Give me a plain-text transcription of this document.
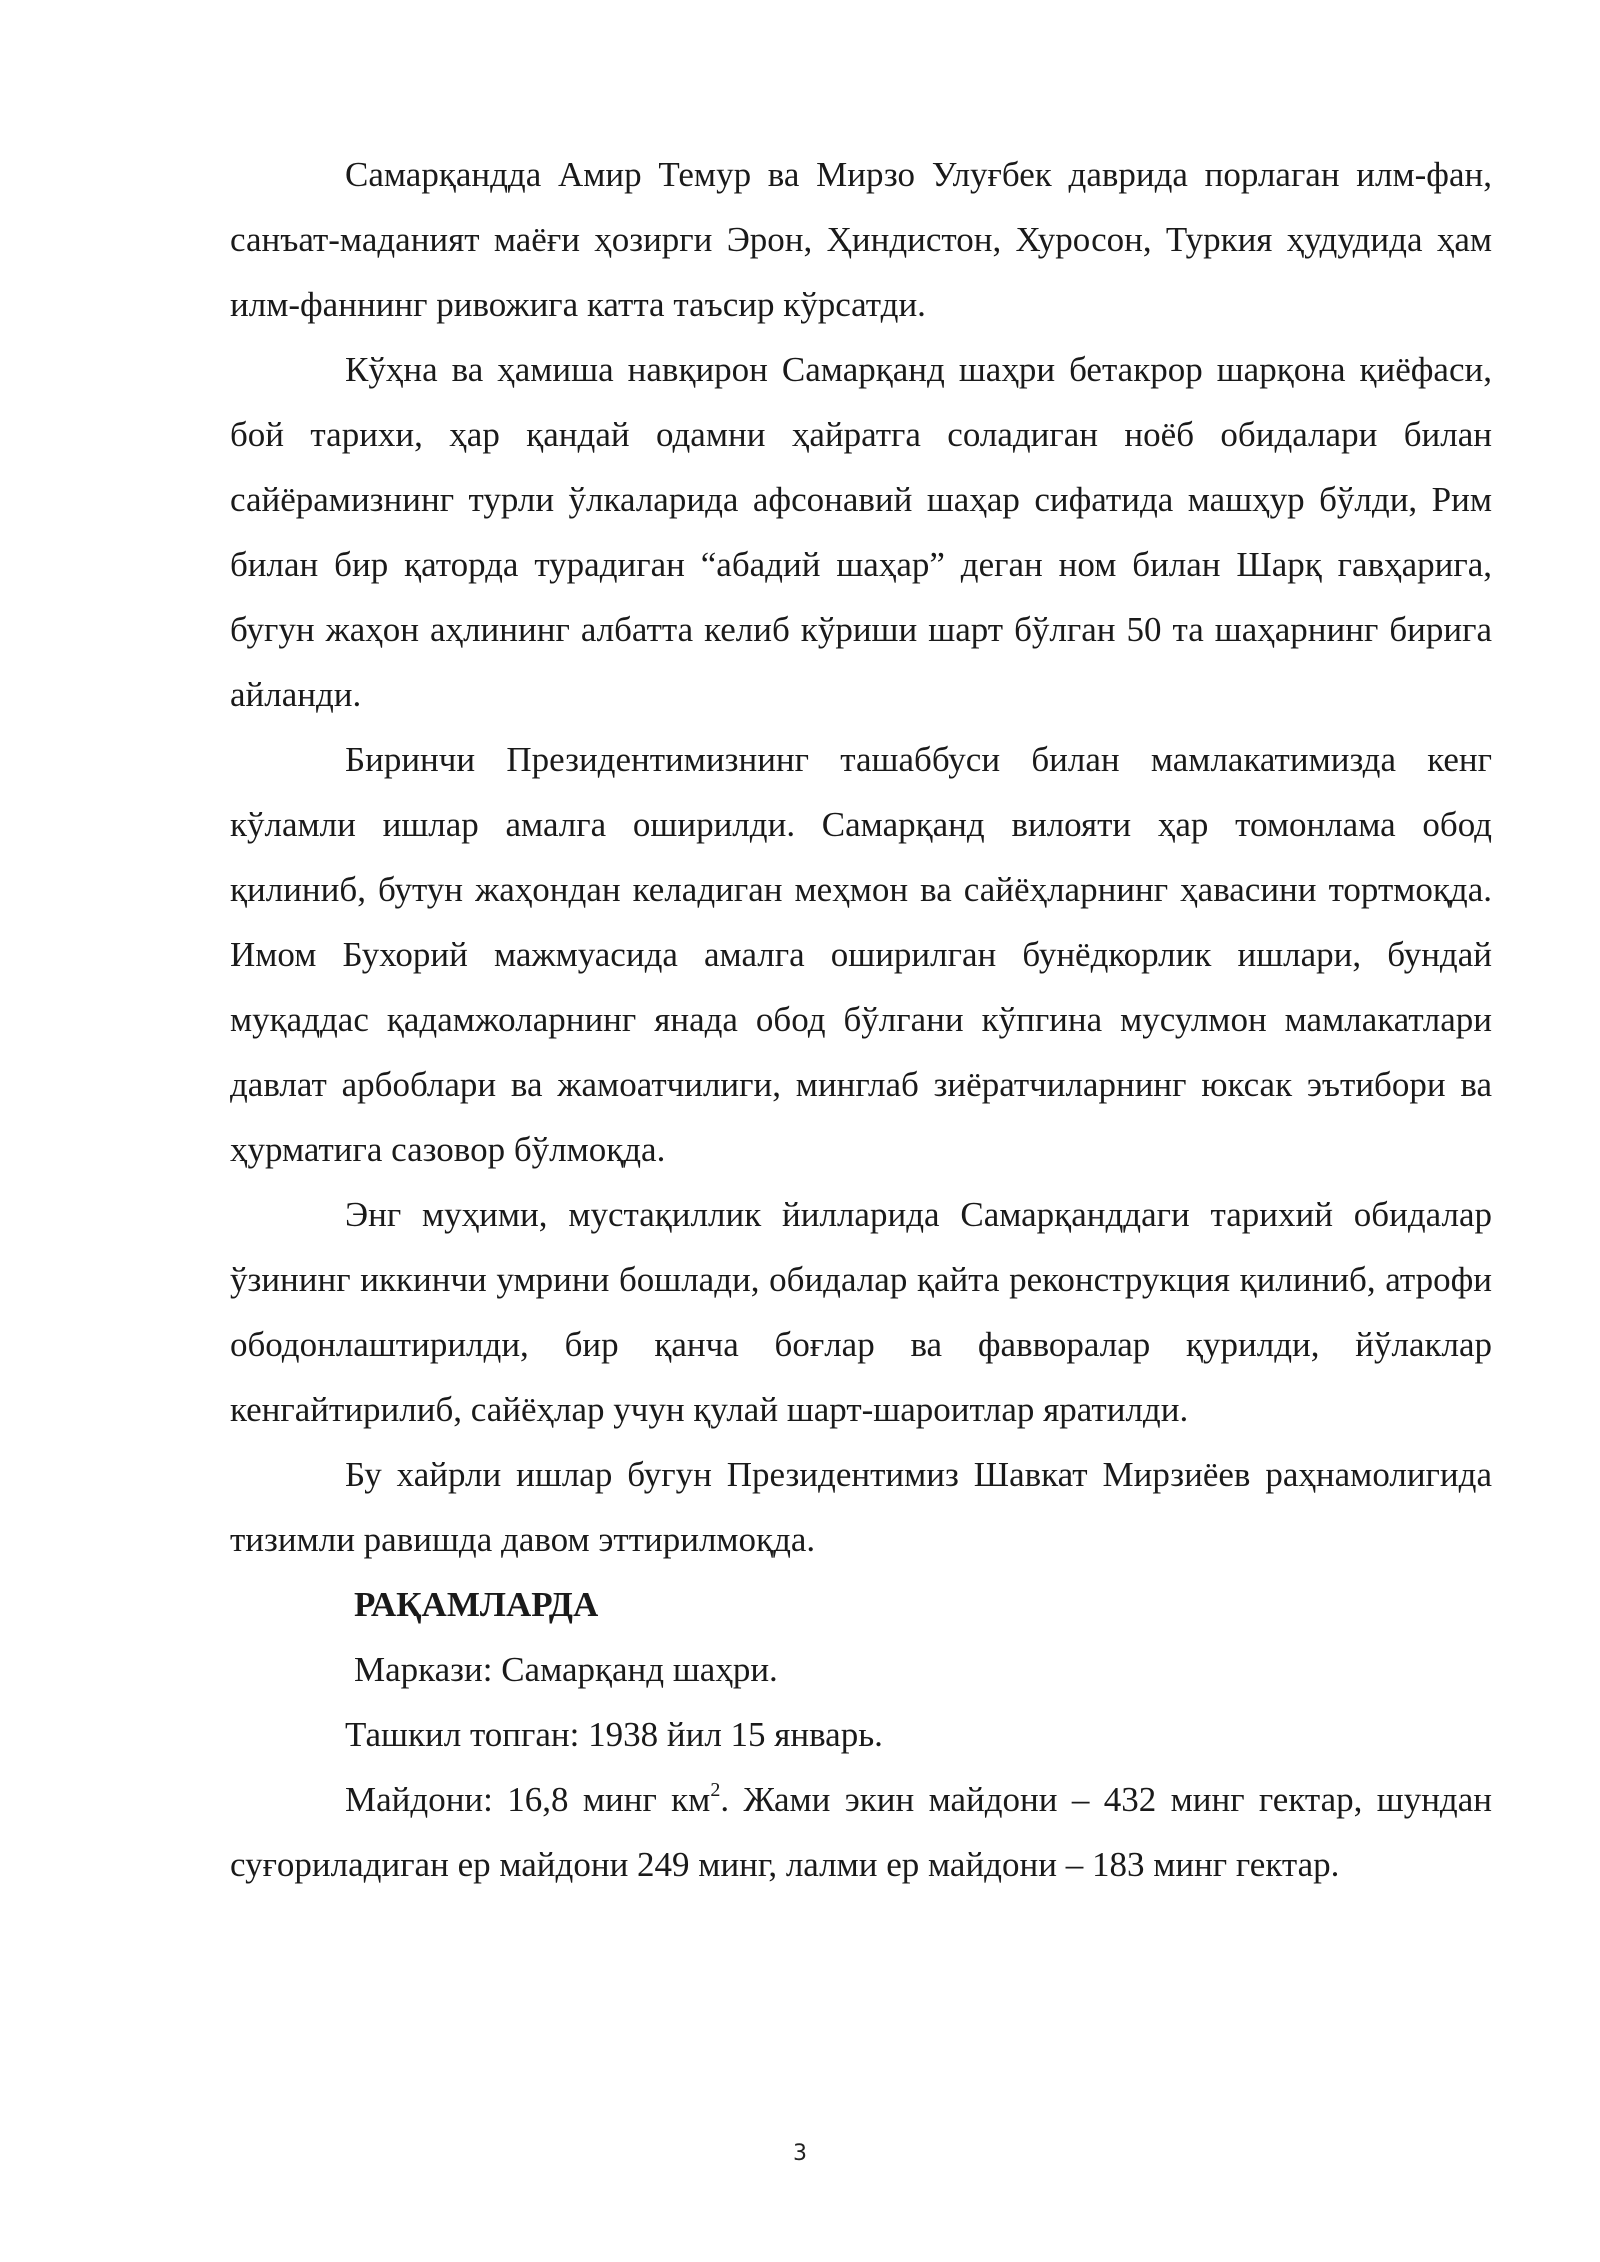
Самарқандда Амир Темур ва Мирзо Улуғбек даврида порлаган илм-фан, санъат-маданият маёғи ҳозирги Эрон, Ҳиндистон, Хуросон, Туркия ҳудудида ҳам илм-фаннинг ривожига катта таъсир кўрсатди.

Кўҳна ва ҳамиша навқирон Самарқанд шаҳри бетакрор шарқона қиёфаси, бой тарихи, ҳар қандай одамни ҳайратга соладиган ноёб обидалари билан сайёрамизнинг турли ўлкаларида афсонавий шаҳар сифатида машҳур бўлди, Рим билан бир қаторда турадиган “абадий шаҳар” деган ном билан Шарқ гавҳарига, бугун жаҳон аҳлининг албатта келиб кўриши шарт бўлган 50 та шаҳарнинг бирига айланди.

Биринчи Президентимизнинг ташаббуси билан мамлакатимизда кенг кўламли ишлар амалга оширилди. Самарқанд вилояти ҳар томонлама обод қилиниб, бутун жаҳондан келадиган меҳмон ва сайёҳларнинг ҳавасини тортмоқда. Имом Бухорий мажмуасида амалга оширилган бунёдкорлик ишлари, бундай муқаддас қадамжоларнинг янада обод бўлгани кўпгина мусулмон мамлакатлари давлат арбоблари ва жамоатчилиги, минглаб зиёратчиларнинг юксак эътибори ва ҳурматига сазовор бўлмоқда.

Энг муҳими, мустақиллик йилларида Самарқанддаги тарихий обидалар ўзининг иккинчи умрини бошлади, обидалар қайта реконструкция қилиниб, атрофи ободонлаштирилди, бир қанча боғлар ва фавворалар қурилди, йўлаклар кенгайтирилиб, сайёҳлар учун қулай шарт-шароитлар яратилди.

Бу хайрли ишлар бугун Президентимиз Шавкат Мирзиёев раҳнамолигида тизимли равишда давом эттирилмоқда.

РАҚАМЛАРДА

Маркази: Самарқанд шаҳри.

Ташкил топган: 1938 йил 15 январь.

Майдони: 16,8 минг $км^2$. Жами экин майдони – 432 минг гектар, шундан суғориладиган ер майдони 249 минг, лалми ер майдони – 183 минг гектар.

3
